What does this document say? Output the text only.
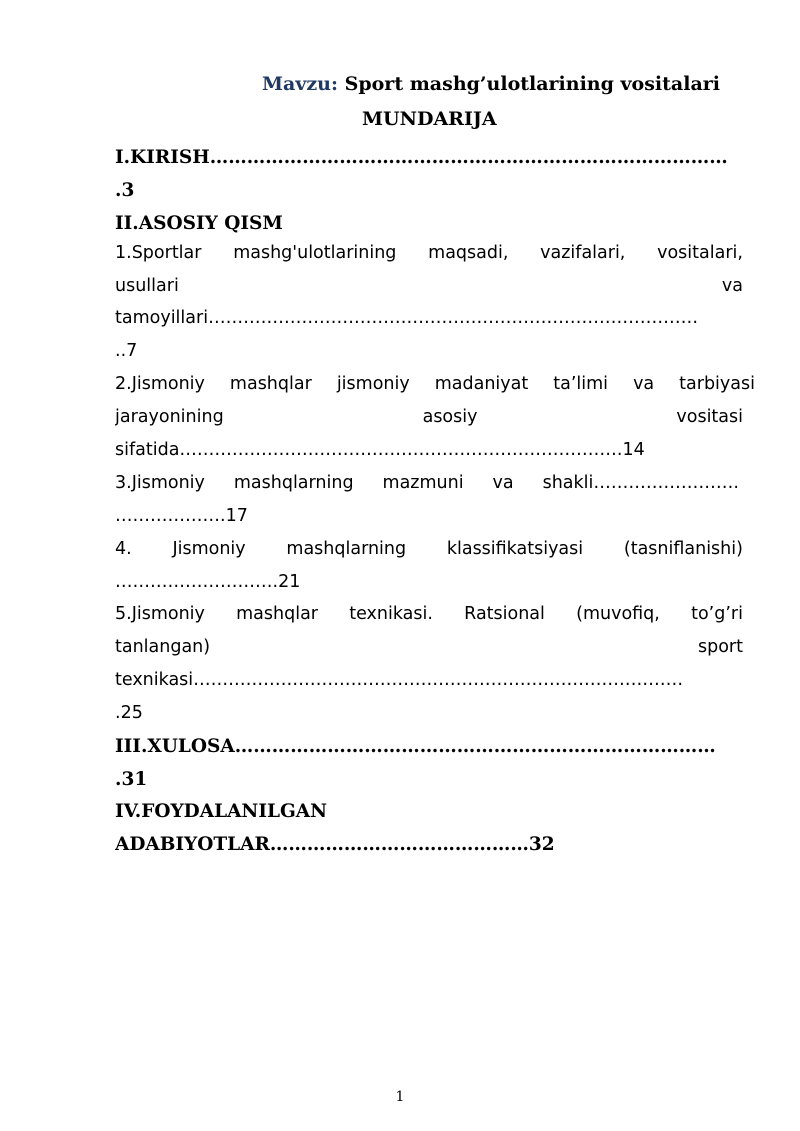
Mavzu: Sport mashg’ulotlarining vositalari
MUNDARIJA
I.KIRISH…………………………………………………………………………
.3
II.ASOSIY QISM
1.Sportlar mashg'ulotlarining maqsadi, vazifalari, vositalari,
usullari	va
tamoyillari…………………………………………………………………………
..7
2.Jismoniy mashqlar jismoniy madaniyat ta’limi va tarbiyasi
jarayonining	asosiy	vositasi
sifatida………………………………………………………………….14
3.Jismoniy mashqlarning mazmuni va shakli…………………….
……………….17
4. Jismoniy mashqlarning klassifikatsiyasi (tasniflanishi)
……………………….21
5.Jismoniy mashqlar texnikasi. Ratsional (muvofiq, to’g’ri
tanlangan)	sport
texnikasi…………………………………………………………………………
.25
III.XULOSA……………………………………………………………………
.31
IV.FOYDALANILGAN
ADABIYOTLAR……………………………………32
1
